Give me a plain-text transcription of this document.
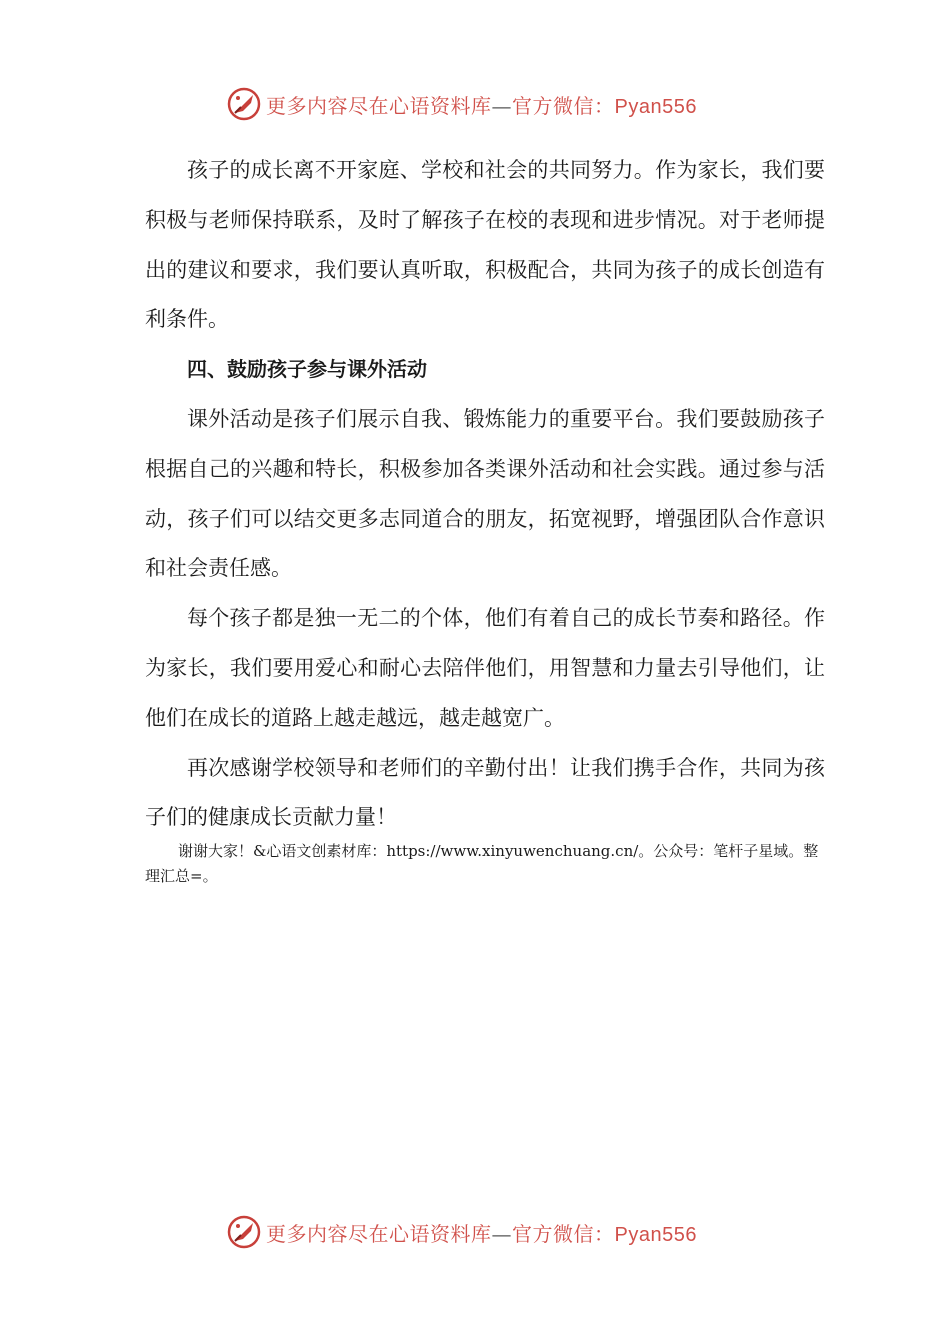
更多内容尽在心语资料库—官方微信：Pyan556

孩子的成长离不开家庭、学校和社会的共同努力。作为家长，我们要积极与老师保持联系，及时了解孩子在校的表现和进步情况。对于老师提出的建议和要求，我们要认真听取，积极配合，共同为孩子的成长创造有利条件。

四、鼓励孩子参与课外活动

课外活动是孩子们展示自我、锻炼能力的重要平台。我们要鼓励孩子根据自己的兴趣和特长，积极参加各类课外活动和社会实践。通过参与活动，孩子们可以结交更多志同道合的朋友，拓宽视野，增强团队合作意识和社会责任感。

每个孩子都是独一无二的个体，他们有着自己的成长节奏和路径。作为家长，我们要用爱心和耐心去陪伴他们，用智慧和力量去引导他们，让他们在成长的道路上越走越远，越走越宽广。

再次感谢学校领导和老师们的辛勤付出！让我们携手合作，共同为孩子们的健康成长贡献力量！

谢谢大家！&心语文创素材库：https://www.xinyuwenchuang.cn/。公众号：笔杆子星域。整理汇总=。

更多内容尽在心语资料库—官方微信：Pyan556
